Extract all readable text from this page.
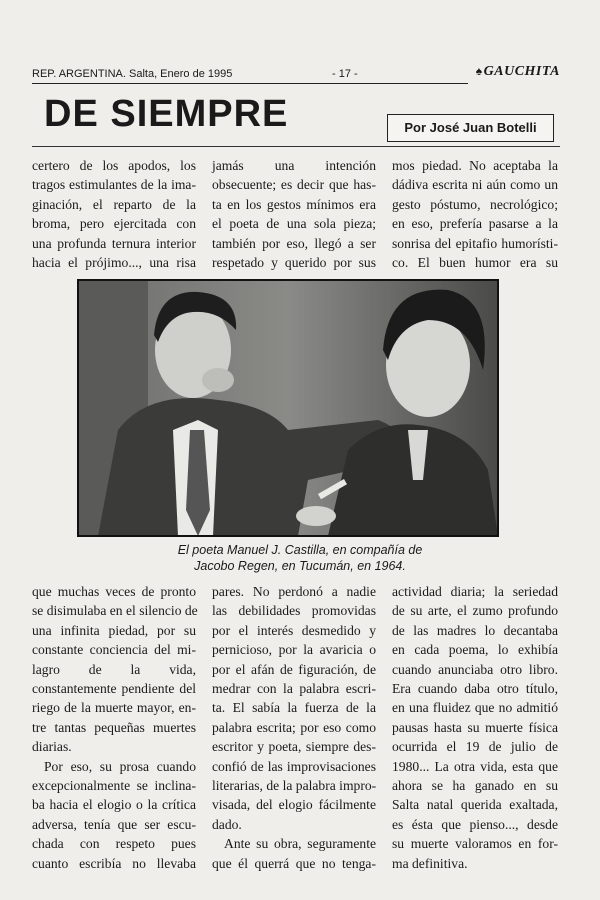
REP. ARGENTINA. Salta, Enero de 1995	- 17 -	♠GAUCHITA
DE SIEMPRE	Por José Juan Botelli
certero de los apodos, los
tragos estimulantes de la ima-
ginación, el reparto de la
broma, pero ejercitada con
una profunda ternura interior
hacia el prójimo..., una risa
jamás una intención
obsecuente; es decir que has-
ta en los gestos mínimos era
el poeta de una sola pieza;
también por eso, llegó a ser
respetado y querido por sus
mos piedad. No aceptaba la
dádiva escrita ni aún como un
gesto póstumo, necrológico;
en eso, prefería pasarse a la
sonrisa del epitafio humorísti-
co. El buen humor era su
El poeta Manuel J. Castilla, en compañía de
Jacobo Regen, en Tucumán, en 1964.
que muchas veces de pronto
se disimulaba en el silencio de
una infinita piedad, por su
constante conciencia del mi-
lagro de la vida,
constantemente pendiente del
riego de la muerte mayor, en-
tre tantas pequeñas muertes
diarias.
Por eso, su prosa cuando
excepcionalmente se inclina-
ba hacia el elogio o la crítica
adversa, tenía que ser escu-
chada con respeto pues
cuanto escribía no llevaba
pares. No perdonó a nadie
las debilidades promovidas
por el interés desmedido y
pernicioso, por la avaricia o
por el afán de figuración, de
medrar con la palabra escri-
ta. El sabía la fuerza de la
palabra escrita; por eso como
escritor y poeta, siempre des-
confió de las improvisaciones
literarias, de la palabra impro-
visada, del elogio fácilmente
dado.
Ante su obra, seguramente
que él querrá que no tenga-
actividad diaria; la seriedad
de su arte, el zumo profundo
de las madres lo decantaba
en cada poema, lo exhibía
cuando anunciaba otro libro.
Era cuando daba otro título,
en una fluidez que no admitió
pausas hasta su muerte física
ocurrida el 19 de julio de
1980... La otra vida, esta que
ahora se ha ganado en su
Salta natal querida exaltada,
es ésta que pienso..., desde
su muerte valoramos en for-
ma definitiva.
